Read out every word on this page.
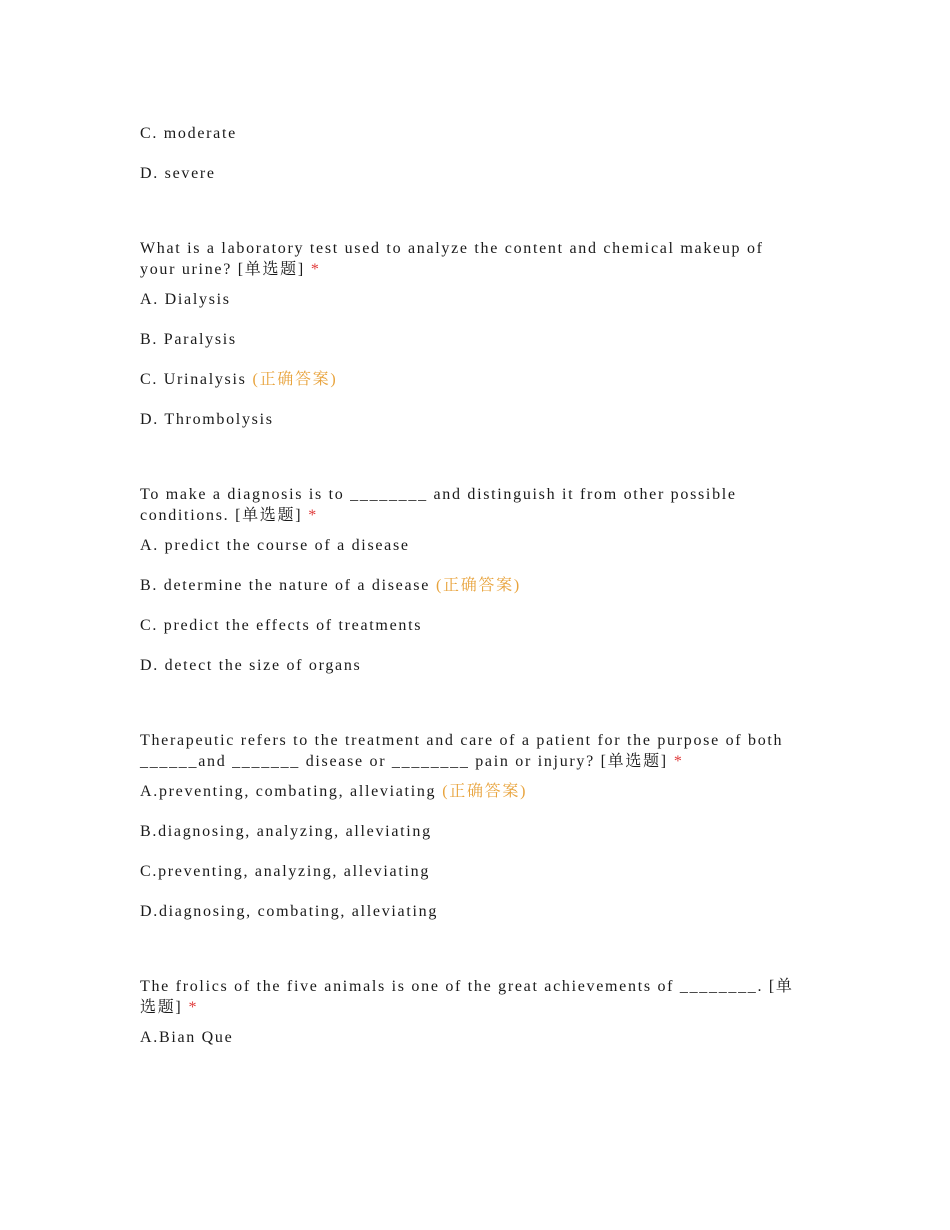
C. moderate
D. severe
What is a laboratory test used to analyze the content and chemical makeup of your urine? [单选题] *
A. Dialysis
B. Paralysis
C. Urinalysis (正确答案)
D. Thrombolysis
To make a diagnosis is to ________ and distinguish it from other possible conditions. [单选题] *
A. predict the course of a disease
B. determine the nature of a disease (正确答案)
C. predict the effects of treatments
D. detect the size of organs
Therapeutic refers to the treatment and care of a patient for the purpose of both ______and _______ disease or ________ pain or injury? [单选题] *
A.preventing, combating, alleviating (正确答案)
B.diagnosing, analyzing, alleviating
C.preventing, analyzing, alleviating
D.diagnosing, combating, alleviating
The frolics of the five animals is one of the great achievements of ________. [单选题] *
A.Bian Que
